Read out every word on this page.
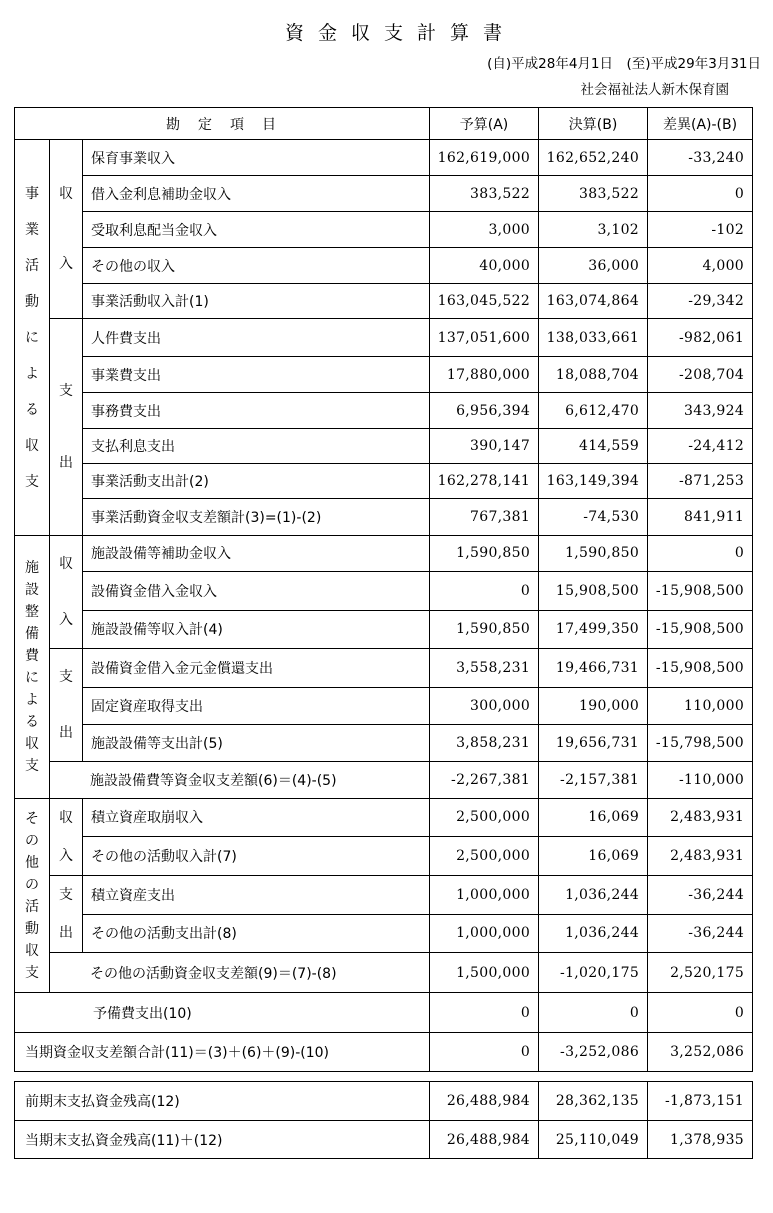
資金収支計算書
(自)平成28年4月1日　(至)平成29年3月31日
社会福祉法人新木保育園
勘　定　項　目			予算(A)	決算(B)	差異(A)-(B)

事
業
活
動
に
よ
る
収
支

収
入
	保育事業収入	162,619,000	162,652,240	-33,240
		借入金利息補助金収入	383,522	383,522	0
		受取利息配当金収入	3,000	3,102	-102
		その他の収入	40,000	36,000	4,000
		事業活動収入計(1)	163,045,522	163,074,864	-29,342

	支
出	人件費支出	137,051,600	138,033,661	-982,061
		事業費支出	17,880,000	18,088,704	-208,704
		事務費支出	6,956,394	6,612,470	343,924
		支払利息支出	390,147	414,559	-24,412
		事業活動支出計(2)	162,278,141	163,149,394	-871,253
		事業活動資金収支差額計(3)=(1)-(2)	767,381	-74,530	841,911

施
設
整
備
費
に
よ
る
収
支

収
入
	施設設備等補助金収入	1,590,850	1,590,850	0
		設備資金借入金収入	0	15,908,500	-15,908,500
		施設設備等収入計(4)	1,590,850	17,499,350	-15,908,500

	支
出	設備資金借入金元金償還支出	3,558,231	19,466,731	-15,908,500
		固定資産取得支出	300,000	190,000	110,000
		施設設備等支出計(5)	3,858,231	19,656,731	-15,798,500
	施設設備費等資金収支差額(6)＝(4)-(5)		-2,267,381	-2,157,381	-110,000

そ
の
他
の
活
動
収
支

収
入
	積立資産取崩収入	2,500,000	16,069	2,483,931
		その他の活動収入計(7)	2,500,000	16,069	2,483,931

	支
出	積立資産支出	1,000,000	1,036,244	-36,244
		その他の活動支出計(8)	1,000,000	1,036,244	-36,244
	その他の活動資金収支差額(9)＝(7)-(8)		1,500,000	-1,020,175	2,520,175
予備費支出(10)			0	0	0
当期資金収支差額合計(11)＝(3)＋(6)＋(9)-(10)			0	-3,252,086	3,252,086
前期末支払資金残高(12)	26,488,984	28,362,135	-1,873,151
当期末支払資金残高(11)＋(12)	26,488,984	25,110,049	1,378,935
